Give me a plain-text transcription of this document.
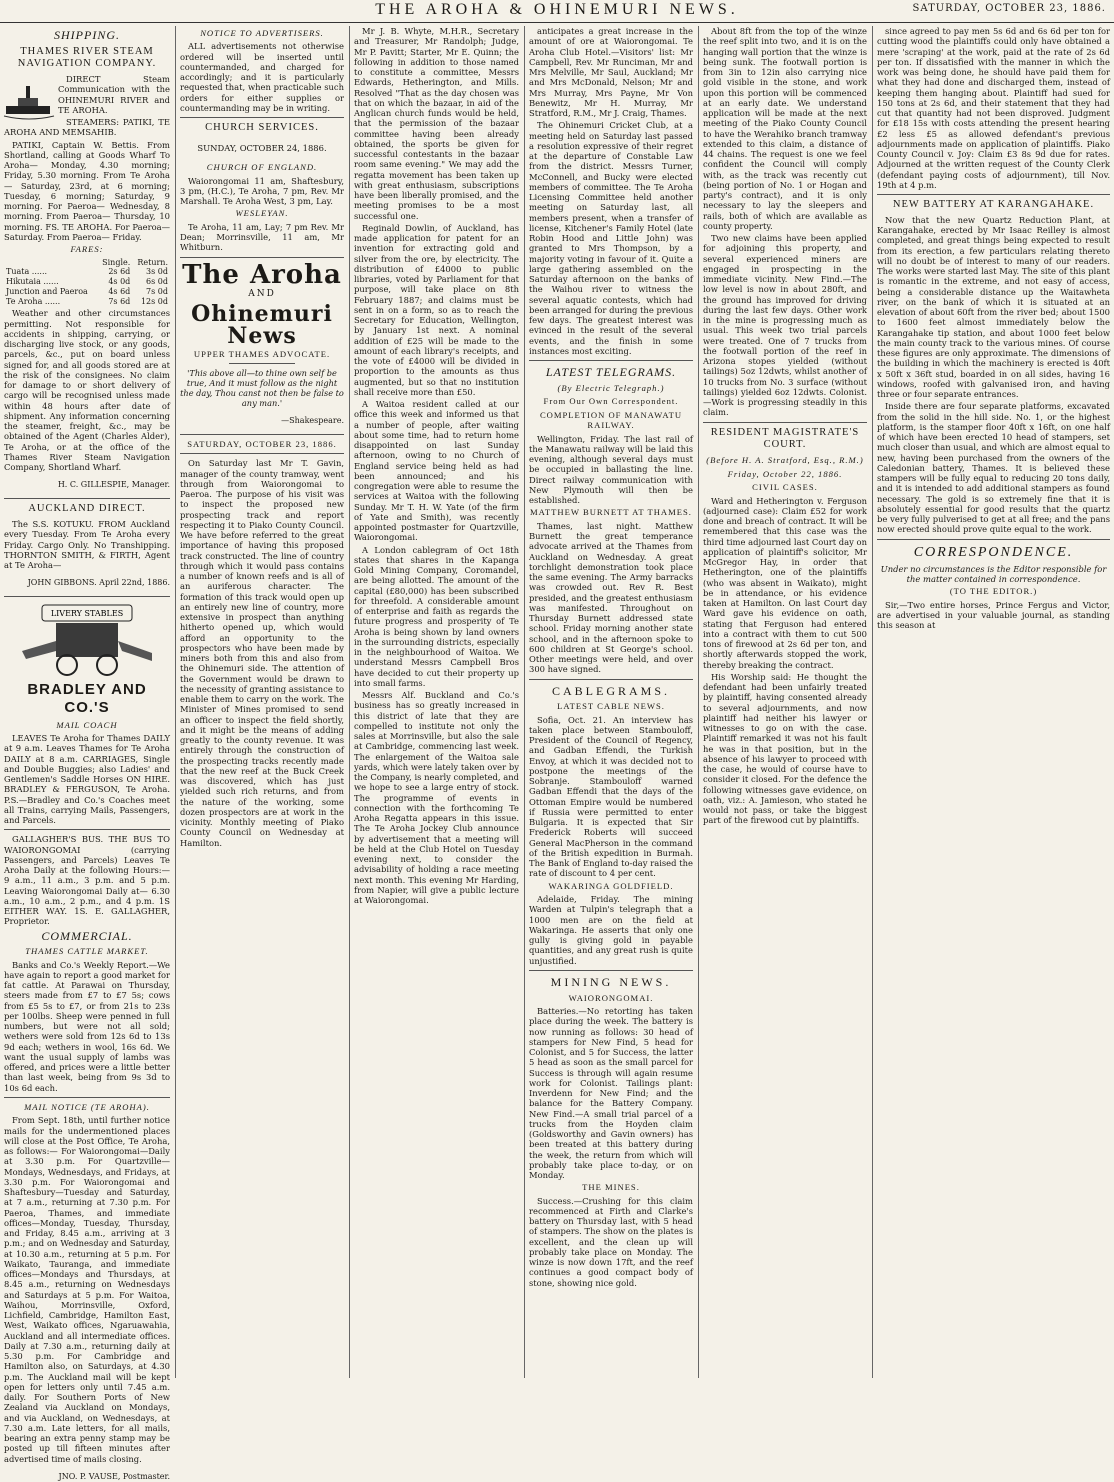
THE AROHA & OHINEMURI NEWS.	SATURDAY, OCTOBER 23, 1886.
SHIPPING.
THAMES RIVER STEAM NAVIGATION COMPANY.

DIRECT Steam Communication with the OHINEMURI RIVER and TE AROHA.

STEAMERS: PATIKI, TE AROHA AND MEMSAHIB.

PATIKI, Captain W. Bettis. From Shortland, calling at Goods Wharf To Aroha— Monday, 4.30 morning; Friday, 5.30 morning. From Te Aroha— Saturday, 23rd, at 6 morning; Tuesday, 6 morning; Saturday, 9 morning. For Paeroa— Wednesday, 8 morning. From Paeroa— Thursday, 10 morning. FS. TE AROHA. For Paeroa— Saturday. From Paeroa— Friday.

FARES:
	Single.	Return.
Tuata ......	2s 6d	3s 0d
Hikutaia ......	4s 0d	6s 0d
Junction and Paeroa	4s 6d	7s 0d
Te Aroha ......	7s 6d	12s 0d

Weather and other circumstances permitting. Not responsible for accidents in shipping, carrying, or discharging live stock, or any goods, parcels, &c., put on board unless signed for, and all goods stored are at the risk of the consignees. No claim for damage to or short delivery of cargo will be recognised unless made within 48 hours after date of shipment. Any information concerning the steamer, freight, &c., may be obtained of the Agent (Charles Alder), Te Aroha, or at the office of the Thames River Steam Navigation Company, Shortland Wharf.

H. C. GILLESPIE, Manager.

AUCKLAND DIRECT.

The S.S. KOTUKU. FROM Auckland every Tuesday. From Te Aroha every Friday. Cargo Only. No Transhipping. THORNTON SMITH, & FIRTH, Agent at Te Aroha—

JOHN GIBBONS. April 22nd, 1886.

LIVERY STABLES
BRADLEY AND CO.'S
MAIL COACH

LEAVES Te Aroha for Thames DAILY at 9 a.m. Leaves Thames for Te Aroha DAILY at 8 a.m. CARRIAGES, Single and Double Buggies; also Ladies' and Gentlemen's Saddle Horses ON HIRE. BRADLEY & FERGUSON, Te Aroha. P.S.—Bradley and Co.'s Coaches meet all Trains, carrying Mails, Passengers, and Parcels.

GALLAGHER'S BUS. THE BUS TO WAIORONGOMAI (carrying Passengers, and Parcels) Leaves Te Aroha Daily at the following Hours:— 9 a.m., 11 a.m., 3 p.m. and 5 p.m. Leaving Waiorongomai Daily at— 6.30 a.m., 10 a.m., 2 p.m., and 4 p.m. 1S EITHER WAY. 1S. E. GALLAGHER, Proprietor.

COMMERCIAL.
THAMES CATTLE MARKET.

Banks and Co.'s Weekly Report.—We have again to report a good market for fat cattle. At Parawai on Thursday, steers made from £7 to £7 5s; cows from £5 5s to £7, or from 21s to 23s per 100lbs. Sheep were penned in full numbers, but were not all sold; wethers were sold from 12s 6d to 13s 9d each; wethers in wool, 16s 6d. We want the usual supply of lambs was offered, and prices were a little better than last week, being from 9s 3d to 10s 6d each.

MAIL NOTICE (TE AROHA).

From Sept. 18th, until further notice mails for the undermentioned places will close at the Post Office, Te Aroha, as follows:— For Waiorongomai—Daily at 3.30 p.m. For Quartzville—Mondays, Wednesdays, and Fridays, at 3.30 p.m. For Waiorongomai and Shaftesbury—Tuesday and Saturday, at 7 a.m., returning at 7.30 p.m. For Paeroa, Thames, and immediate offices—Monday, Tuesday, Thursday, and Friday, 8.45 a.m., arriving at 3 p.m.; and on Wednesday and Saturday, at 10.30 a.m., returning at 5 p.m. For Waikato, Tauranga, and immediate offices—Mondays and Thursdays, at 8.45 a.m., returning on Wednesdays and Saturdays at 5 p.m. For Waitoa, Waihou, Morrinsville, Oxford, Lichfield, Cambridge, Hamilton East, West, Waikato offices, Ngaruawahia, Auckland and all intermediate offices. Daily at 7.30 a.m., returning daily at 5.30 p.m. For Cambridge and Hamilton also, on Saturdays, at 4.30 p.m. The Auckland mail will be kept open for letters only until 7.45 a.m. daily. For Southern Ports of New Zealand via Auckland on Mondays, and via Auckland, on Wednesdays, at 7.30 a.m. Late letters, for all mails, bearing an extra penny stamp may be posted up till fifteen minutes after advertised time of mails closing.

JNO. P. VAUSE, Postmaster.

NOTICE TO ADVERTISERS.

ALL advertisements not otherwise ordered will be inserted until countermanded, and charged for accordingly; and it is particularly requested that, when practicable such orders for either supplies or countermanding may be in writing.

CHURCH SERVICES.

SUNDAY, OCTOBER 24, 1886.

CHURCH OF ENGLAND.

Waiorongomai 11 am, Shaftesbury, 3 pm, (H.C.), Te Aroha, 7 pm, Rev. Mr Marshall. Te Aroha West, 3 pm, Lay.

WESLEYAN.

Te Aroha, 11 am, Lay; 7 pm Rev. Mr Dean; Morrinsville, 11 am, Mr Whitburn.

The Aroha
AND
Ohinemuri News
UPPER THAMES ADVOCATE.

'This above all—to thine own self be true, And it must follow as the night the day, Thou canst not then be false to any man.'

—Shakespeare.

SATURDAY, OCTOBER 23, 1886.

On Saturday last Mr T. Gavin, manager of the county tramway, went through from Waiorongomai to Paeroa. The purpose of his visit was to inspect the proposed new prospecting track and report respecting it to Piako County Council. We have before referred to the great importance of having this proposed track constructed. The line of country through which it would pass contains a number of known reefs and is all of an auriferous character. The formation of this track would open up an entirely new line of country, more extensive in prospect than anything hitherto opened up, which would afford an opportunity to the prospectors who have been made by miners both from this and also from the Ohinemuri side. The attention of the Government would be drawn to the necessity of granting assistance to enable them to carry on the work. The Minister of Mines promised to send an officer to inspect the field shortly, and it might be the means of adding greatly to the county revenue. It was entirely through the construction of the prospecting tracks recently made that the new reef at the Buck Creek was discovered, which has just yielded such rich returns, and from the nature of the working, some dozen prospectors are at work in the vicinity. Monthly meeting of Piako County Council on Wednesday at Hamilton.

Mr J. B. Whyte, M.H.R., Secretary and Treasurer, Mr Randolph; Judge, Mr P. Pavitt; Starter, Mr E. Quinn; the following in addition to those named to constitute a committee, Messrs Edwards, Hetherington, and Mills. Resolved "That as the day chosen was that on which the bazaar, in aid of the Anglican church funds would be held, that the permission of the bazaar committee having been already obtained, the sports be given for successful contestants in the bazaar room same evening." We may add the regatta movement has been taken up with great enthusiasm, subscriptions have been liberally promised, and the meeting promises to be a most successful one.

Reginald Dowlin, of Auckland, has made application for patent for an invention for extracting gold and silver from the ore, by electricity. The distribution of £4000 to public libraries, voted by Parliament for that purpose, will take place on 8th February 1887; and claims must be sent in on a form, so as to reach the Secretary for Education, Wellington, by January 1st next. A nominal addition of £25 will be made to the amount of each library's receipts, and the vote of £4000 will be divided in proportion to the amounts as thus augmented, but so that no institution shall receive more than £50.

A Waitoa resident called at our office this week and informed us that a number of people, after waiting about some time, had to return home disappointed on last Sunday afternoon, owing to no Church of England service being held as had been announced; and his congregation were able to resume the services at Waitoa with the following Sunday. Mr T. H. W. Yate (of the firm of Yate and Smith), was recently appointed postmaster for Quartzville, Waiorongomai.

A London cablegram of Oct 18th states that shares in the Kapanga Gold Mining Company, Coromandel, are being allotted. The amount of the capital (£80,000) has been subscribed for threefold. A considerable amount of enterprise and faith as regards the future progress and prosperity of Te Aroha is being shown by land owners in the surrounding districts, especially in the neighbourhood of Waitoa. We understand Messrs Campbell Bros have decided to cut their property up into small farms.

Messrs Alf. Buckland and Co.'s business has so greatly increased in this district of late that they are compelled to institute not only the sales at Morrinsville, but also the sale at Cambridge, commencing last week. The enlargement of the Waitoa sale yards, which were lately taken over by the Company, is nearly completed, and we hope to see a large entry of stock. The programme of events in connection with the forthcoming Te Aroha Regatta appears in this issue. The Te Aroha Jockey Club announce by advertisement that a meeting will be held at the Club Hotel on Tuesday evening next, to consider the advisability of holding a race meeting next month. This evening Mr Harding, from Napier, will give a public lecture at Waiorongomai.

anticipates a great increase in the amount of ore at Waiorongomai. Te Aroha Club Hotel.—Visitors' list: Mr Campbell, Rev. Mr Runciman, Mr and Mrs Melville, Mr Saul, Auckland; Mr and Mrs McDonald, Nelson; Mr and Mrs Murray, Mrs Payne, Mr Von Benewitz, Mr H. Murray, Mr Stratford, R.M., Mr J. Craig, Thames.

The Ohinemuri Cricket Club, at a meeting held on Saturday last passed a resolution expressive of their regret at the departure of Constable Law from the district. Messrs Turner, McConnell, and Bucky were elected members of committee. The Te Aroha Licensing Committee held another meeting on Saturday last, all members present, when a transfer of license, Kitchener's Family Hotel (late Robin Hood and Little John) was granted to Mrs Thompson, by a majority voting in favour of it. Quite a large gathering assembled on the Saturday afternoon on the banks of the Waihou river to witness the several aquatic contests, which had been arranged for during the previous few days. The greatest interest was evinced in the result of the several events, and the finish in some instances most exciting.

LATEST TELEGRAMS.
(By Electric Telegraph.)
From Our Own Correspondent.
COMPLETION OF MANAWATU RAILWAY.

Wellington, Friday. The last rail of the Manawatu railway will be laid this evening, although several days must be occupied in ballasting the line. Direct railway communication with New Plymouth will then be established.

MATTHEW BURNETT AT THAMES.

Thames, last night. Matthew Burnett the great temperance advocate arrived at the Thames from Auckland on Wednesday. A great torchlight demonstration took place the same evening. The Army barracks was crowded out. Rev R. Best presided, and the greatest enthusiasm was manifested. Throughout on Thursday Burnett addressed state school. Friday morning another state school, and in the afternoon spoke to 600 children at St George's school. Other meetings were held, and over 300 have signed.

CABLEGRAMS.
LATEST CABLE NEWS.

Sofia, Oct. 21. An interview has taken place between Stambouloff, President of the Council of Regency, and Gadban Effendi, the Turkish Envoy, at which it was decided not to postpone the meetings of the Sobranje. Stambouloff warned Gadban Effendi that the days of the Ottoman Empire would be numbered if Russia were permitted to enter Bulgaria. It is expected that Sir Frederick Roberts will succeed General MacPherson in the command of the British expedition in Burmah. The Bank of England to-day raised the rate of discount to 4 per cent.

WAKARINGA GOLDFIELD.

Adelaide, Friday. The mining Warden at Tulpin's telegraph that a 1000 men are on the field at Wakaringa. He asserts that only one gully is giving gold in payable quantities, and any great rush is quite unjustified.

MINING NEWS.
WAIORONGOMAI.

Batteries.—No retorting has taken place during the week. The battery is now running as follows: 30 head of stampers for New Find, 5 head for Colonist, and 5 for Success, the latter 5 head as soon as the small parcel for Success is through will again resume work for Colonist. Tailings plant: Inverdenn for New Find; and the balance for the Battery Company. New Find.—A small trial parcel of a trucks from the Hoyden claim (Goldsworthy and Gavin owners) has been treated at this battery during the week, the return from which will probably take place to-day, or on Monday.

THE MINES.

Success.—Crushing for this claim recommenced at Firth and Clarke's battery on Thursday last, with 5 head of stampers. The show on the plates is excellent, and the clean up will probably take place on Monday. The winze is now down 17ft, and the reef continues a good compact body of stone, showing nice gold.

About 8ft from the top of the winze the reef split into two, and it is on the hanging wall portion that the winze is being sunk. The footwall portion is from 3in to 12in also carrying nice gold visible in the stone, and work upon this portion will be commenced at an early date. We understand application will be made at the next meeting of the Piako County Council to have the Werahiko branch tramway extended to this claim, a distance of 44 chains. The request is one we feel confident the Council will comply with, as the track was recently cut (being portion of No. 1 or Hogan and party's contract), and it is only necessary to lay the sleepers and rails, both of which are available as county property.

Two new claims have been applied for adjoining this property, and several experienced miners are engaged in prospecting in the immediate vicinity. New Find.—The low level is now in about 280ft, and the ground has improved for driving during the last few days. Other work in the mine is progressing much as usual. This week two trial parcels were treated. One of 7 trucks from the footwall portion of the reef in Arizona stopes yielded (without tailings) 5oz 12dwts, whilst another of 10 trucks from No. 3 surface (without tailings) yielded 6oz 12dwts. Colonist.—Work is progressing steadily in this claim.

RESIDENT MAGISTRATE'S COURT.
(Before H. A. Stratford, Esq., R.M.)
Friday, October 22, 1886.
CIVIL CASES.

Ward and Hetherington v. Ferguson (adjourned case): Claim £52 for work done and breach of contract. It will be remembered that this case was the third time adjourned last Court day on application of plaintiff's solicitor, Mr McGregor Hay, in order that Hetherington, one of the plaintiffs (who was absent in Waikato), might be in attendance, or his evidence taken at Hamilton. On last Court day Ward gave his evidence on oath, stating that Ferguson had entered into a contract with them to cut 500 tons of firewood at 2s 6d per ton, and shortly afterwards stopped the work, thereby breaking the contract.

His Worship said: He thought the defendant had been unfairly treated by plaintiff, having consented already to several adjournments, and now plaintiff had neither his lawyer or witnesses to go on with the case. Plaintiff remarked it was not his fault he was in that position, but in the absence of his lawyer to proceed with the case, he would of course have to consider it closed. For the defence the following witnesses gave evidence, on oath, viz.: A. Jamieson, who stated he would not pass, or take the biggest part of the firewood cut by plaintiffs.

since agreed to pay men 5s 6d and 6s 6d per ton for cutting wood the plaintiffs could only have obtained a mere 'scraping' at the work, paid at the rate of 2s 6d per ton. If dissatisfied with the manner in which the work was being done, he should have paid them for what they had done and discharged them, instead of keeping them hanging about. Plaintiff had sued for 150 tons at 2s 6d, and their statement that they had cut that quantity had not been disproved. Judgment for £18 15s with costs attending the present hearing £2 less £5 as allowed defendant's previous adjournments made on application of plaintiffs. Piako County Council v. Joy: Claim £3 8s 9d due for rates. Adjourned at the written request of the County Clerk (defendant paying costs of adjournment), till Nov. 19th at 4 p.m.

NEW BATTERY AT KARANGAHAKE.

Now that the new Quartz Reduction Plant, at Karangahake, erected by Mr Isaac Reilley is almost completed, and great things being expected to result from its erection, a few particulars relating thereto will no doubt be of interest to many of our readers. The works were started last May. The site of this plant is romantic in the extreme, and not easy of access, being a considerable distance up the Waitawheta river, on the bank of which it is situated at an elevation of about 60ft from the river bed; about 1500 to 1600 feet almost immediately below the Karangahake tip station, and about 1000 feet below the main county track to the various mines. Of course these figures are only approximate. The dimensions of the building in which the machinery is erected is 40ft x 50ft x 36ft stud, boarded in on all sides, having 16 windows, roofed with galvanised iron, and having three or four separate entrances.

Inside there are four separate platforms, excavated from the solid in the hill side. No. 1, or the highest platform, is the stamper floor 40ft x 16ft, on one half of which have been erected 10 head of stampers, set much closer than usual, and which are almost equal to new, having been purchased from the owners of the Caledonian battery, Thames. It is believed these stampers will be fully equal to reducing 20 tons daily, and it is intended to add additional stampers as found necessary. The gold is so extremely fine that it is absolutely essential for good results that the quartz be very fully pulverised to get at all free; and the pans now erected should prove quite equal to the work.

CORRESPONDENCE.

Under no circumstances is the Editor responsible for the matter contained in correspondence.

(TO THE EDITOR.)

Sir,—Two entire horses, Prince Fergus and Victor, are advertised in your valuable journal, as standing this season at
